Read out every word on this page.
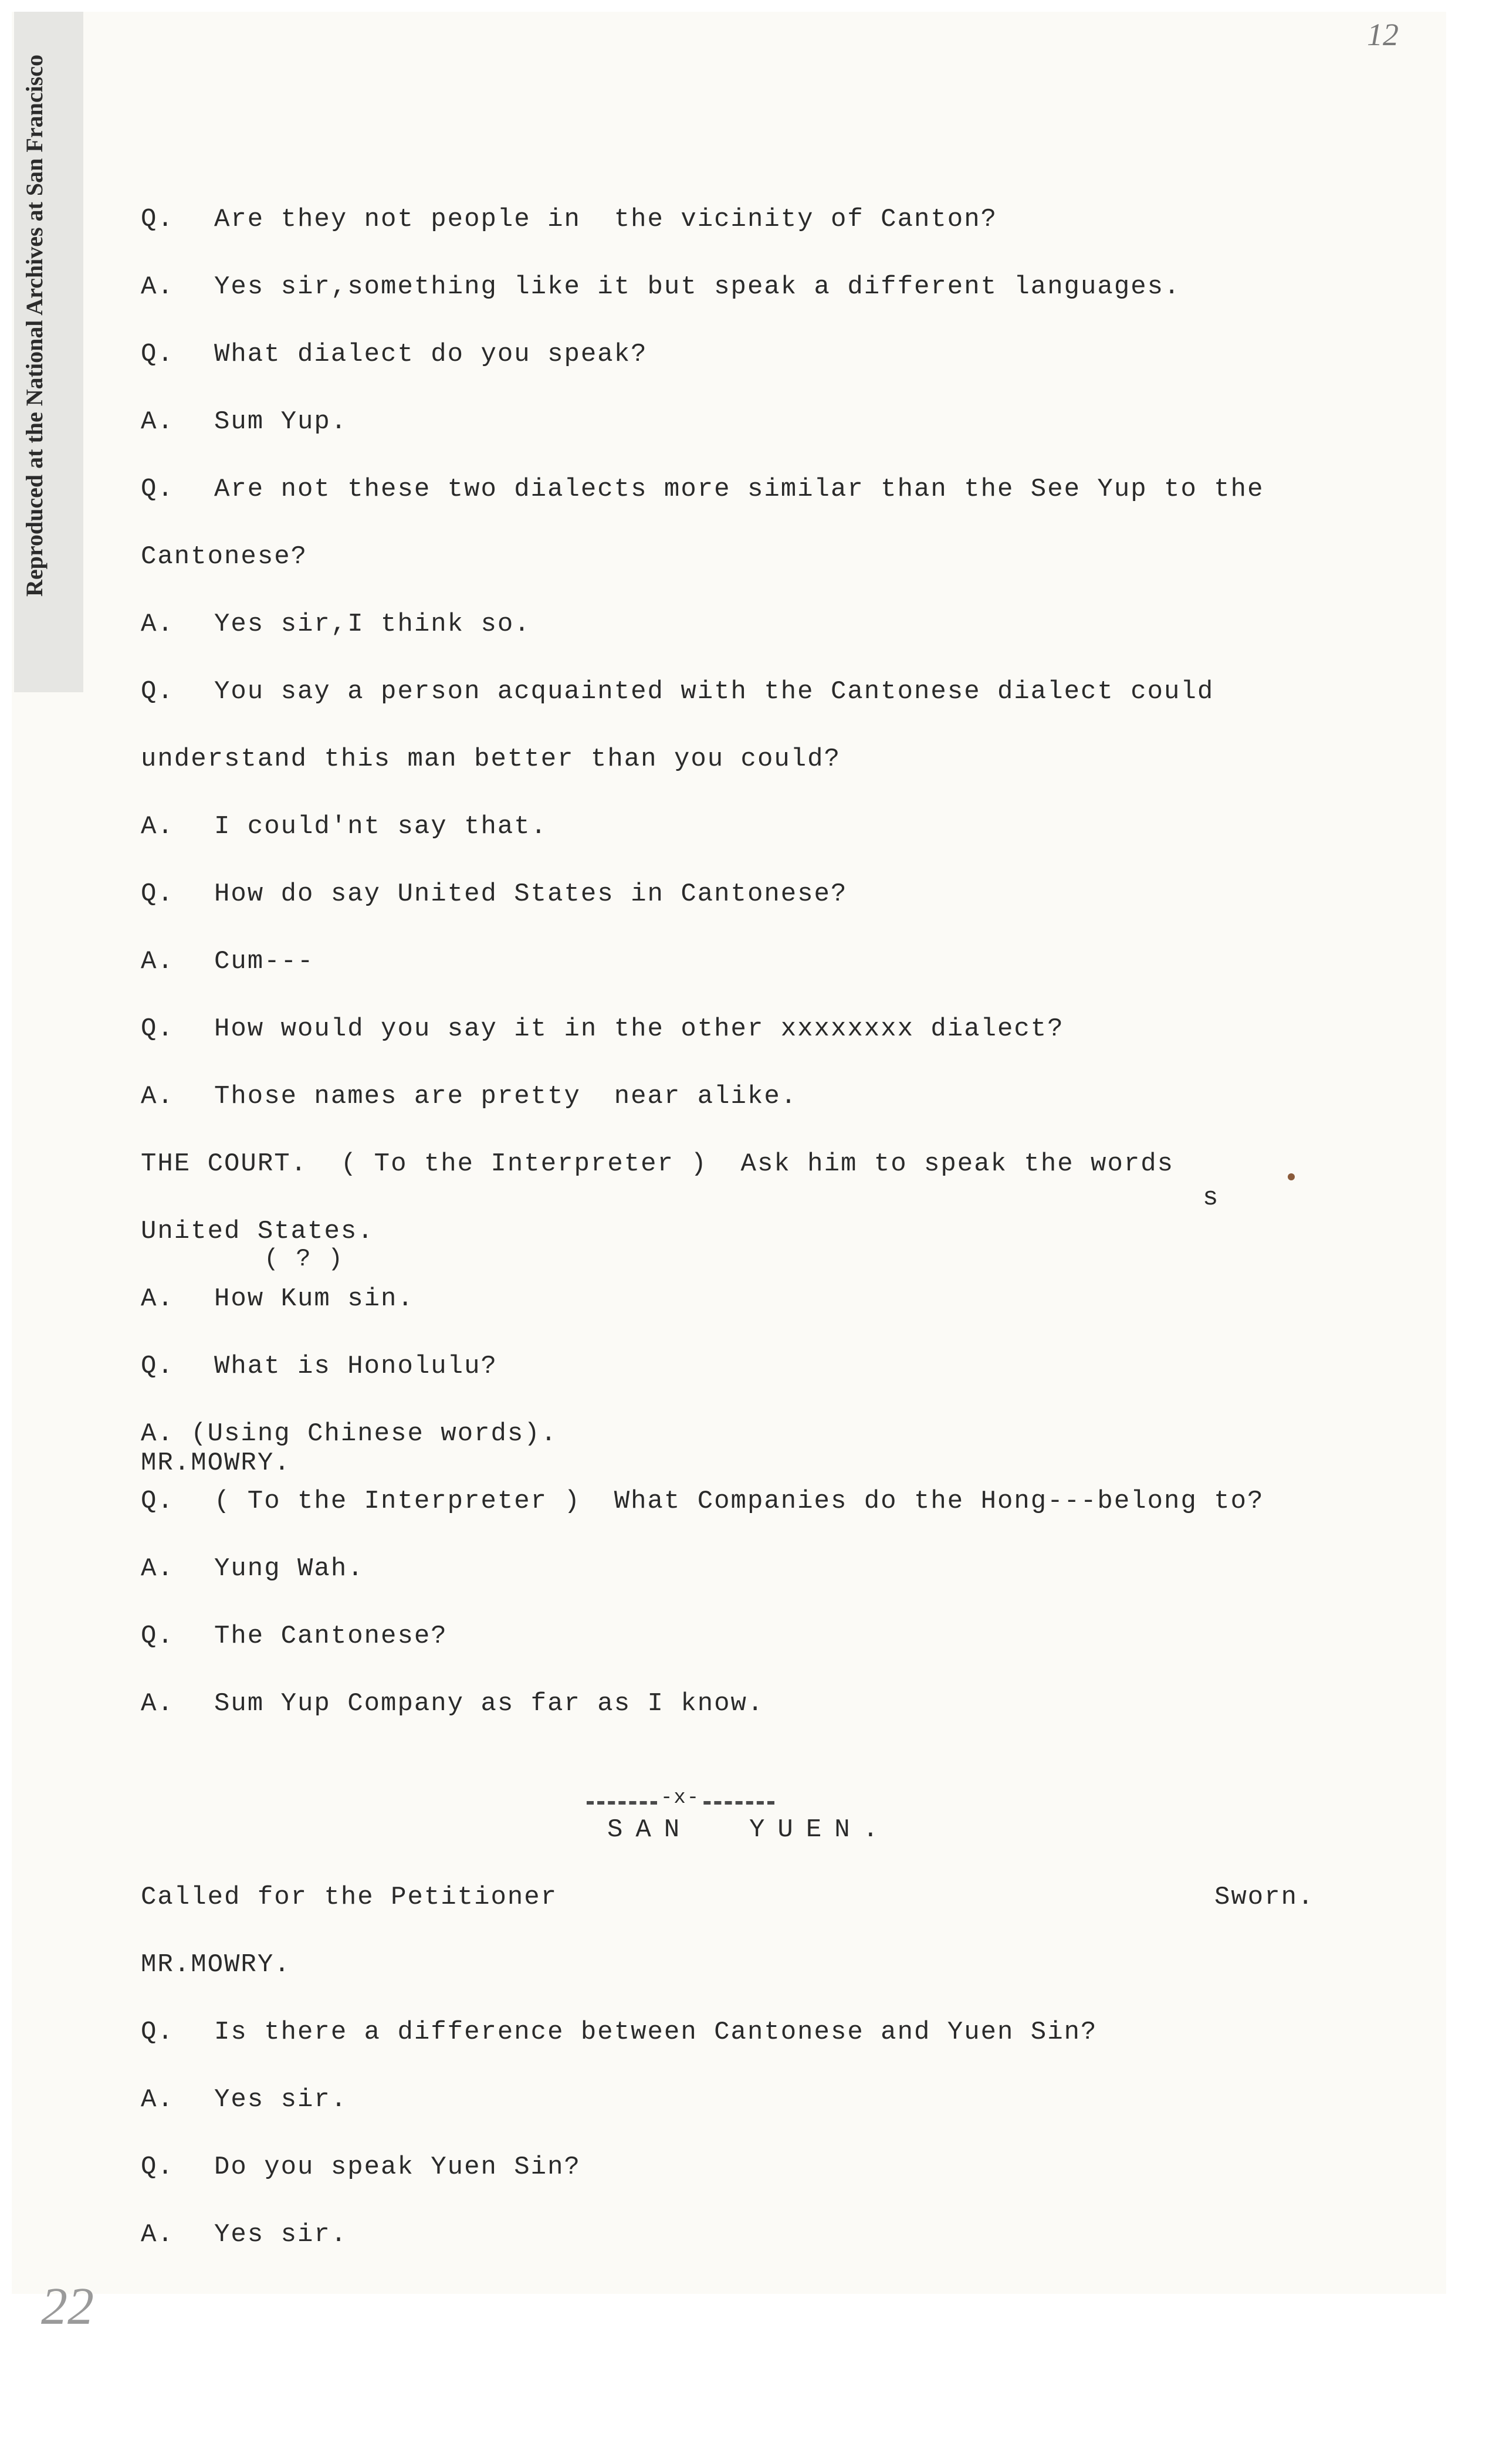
Reproduced at the National Archives at San Francisco
12
22
Q. Are they not people in  the vicinity of Canton?
A. Yes sir,something like it but speak a different languages.
Q. What dialect do you speak?
A. Sum Yup.
Q. Are not these two dialects more similar than the See Yup to the
Cantonese?
A. Yes sir,I think so.
Q. You say a person acquainted with the Cantonese dialect could
understand this man better than you could?
A. I could'nt say that.
Q. How do say United States in Cantonese?
A. Cum---
Q. How would you say it in the other xxxxxxxx dialect?
A. Those names are pretty  near alike.
THE COURT.  ( To the Interpreter )  Ask him to speak the words
s
United States.
( ? )
A. How Kum sin.
Q. What is Honolulu?
A. (Using Chinese words).
MR.MOWRY.
Q. ( To the Interpreter )  What Companies do the Hong---belong to?
A. Yung Wah.
Q. The Cantonese?
A. Sum Yup Company as far as I know.
-x-
SAN  YUEN.
Called for the Petitioner	Sworn.
MR.MOWRY.
Q. Is there a difference between Cantonese and Yuen Sin?
A. Yes sir.
Q. Do you speak Yuen Sin?
A. Yes sir.
